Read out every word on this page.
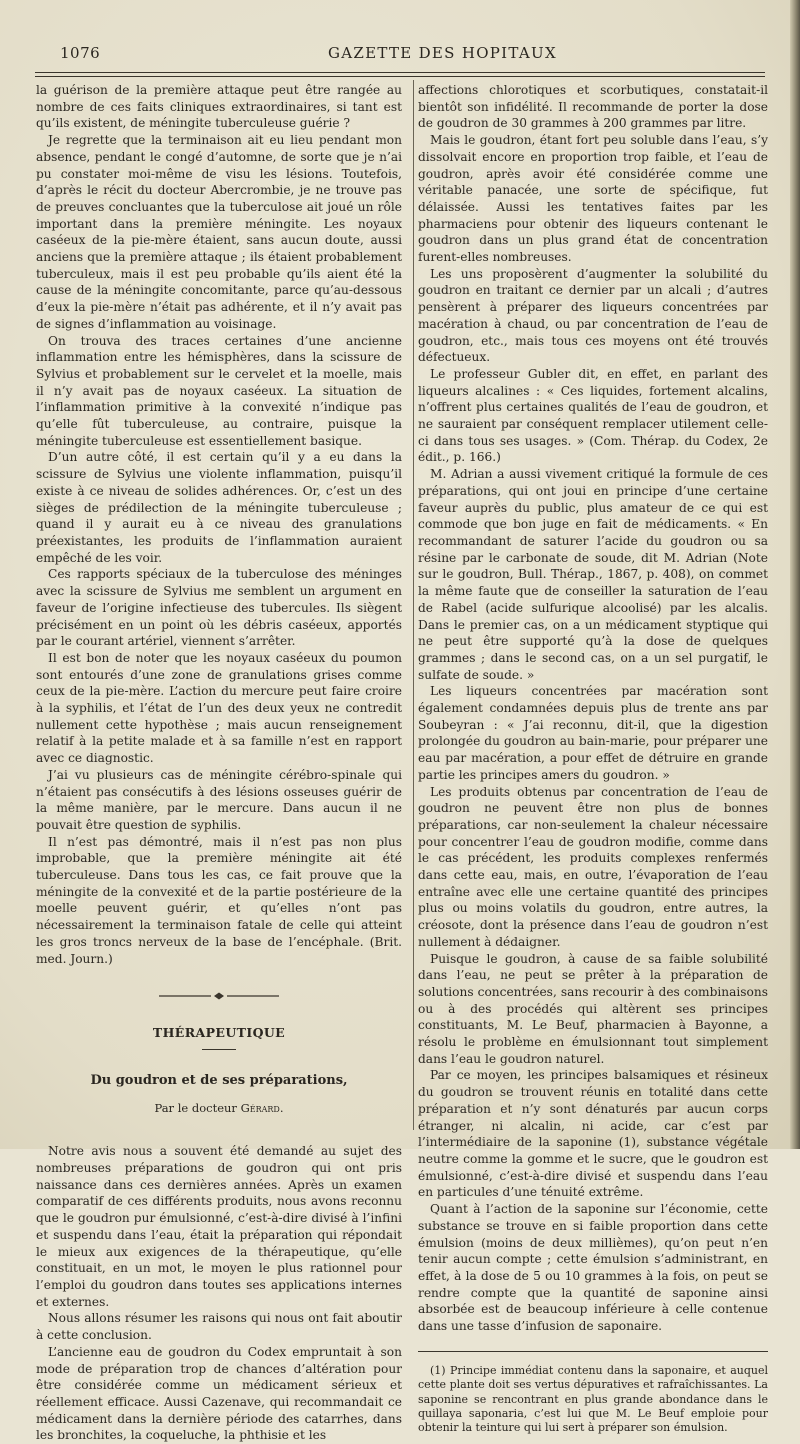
1076	GAZETTE DES HOPITAUX

la guérison de la première attaque peut être rangée au nombre de ces faits cliniques extraordinaires, si tant est qu’ils existent, de méningite tuberculeuse guérie ?

Je regrette que la terminaison ait eu lieu pendant mon absence, pendant le congé d’automne, de sorte que je n’ai pu constater moi-même de visu les lésions. Toutefois, d’après le récit du docteur Abercrombie, je ne trouve pas de preuves concluantes que la tuberculose ait joué un rôle important dans la première méningite. Les noyaux caséeux de la pie-mère étaient, sans aucun doute, aussi anciens que la première attaque ; ils étaient probablement tuberculeux, mais il est peu probable qu’ils aient été la cause de la méningite concomitante, parce qu’au-dessous d’eux la pie-mère n’était pas adhérente, et il n’y avait pas de signes d’inflammation au voisinage.

On trouva des traces certaines d’une ancienne inflammation entre les hémisphères, dans la scissure de Sylvius et probablement sur le cervelet et la moelle, mais il n’y avait pas de noyaux caséeux. La situation de l’inflammation primitive à la convexité n’indique pas qu’elle fût tuberculeuse, au contraire, puisque la méningite tuberculeuse est essentiellement basique.

D’un autre côté, il est certain qu’il y a eu dans la scissure de Sylvius une violente inflammation, puisqu’il existe à ce niveau de solides adhérences. Or, c’est un des sièges de prédilection de la méningite tuberculeuse ; quand il y aurait eu à ce niveau des granulations préexistantes, les produits de l’inflammation auraient empêché de les voir.

Ces rapports spéciaux de la tuberculose des méninges avec la scissure de Sylvius me semblent un argument en faveur de l’origine infectieuse des tubercules. Ils siègent précisément en un point où les débris caséeux, apportés par le courant artériel, viennent s’arrêter.

Il est bon de noter que les noyaux caséeux du poumon sont entourés d’une zone de granulations grises comme ceux de la pie-mère. L’action du mercure peut faire croire à la syphilis, et l’état de l’un des deux yeux ne contredit nullement cette hypothèse ; mais aucun renseignement relatif à la petite malade et à sa famille n’est en rapport avec ce diagnostic.

J’ai vu plusieurs cas de méningite cérébro-spinale qui n’étaient pas consécutifs à des lésions osseuses guérir de la même manière, par le mercure. Dans aucun il ne pouvait être question de syphilis.

Il n’est pas démontré, mais il n’est pas non plus improbable, que la première méningite ait été tuberculeuse. Dans tous les cas, ce fait prouve que la méningite de la convexité et de la partie postérieure de la moelle peuvent guérir, et qu’elles n’ont pas nécessairement la terminaison fatale de celle qui atteint les gros troncs nerveux de la base de l’encéphale. (Brit. med. Journ.)

THÉRAPEUTIQUE

Du goudron et de ses préparations,

Par le docteur Gérard.

Notre avis nous a souvent été demandé au sujet des nombreuses préparations de goudron qui ont pris naissance dans ces dernières années. Après un examen comparatif de ces différents produits, nous avons reconnu que le goudron pur émulsionné, c’est-à-dire divisé à l’infini et suspendu dans l’eau, était la préparation qui répondait le mieux aux exigences de la thérapeutique, qu’elle constituait, en un mot, le moyen le plus rationnel pour l’emploi du goudron dans toutes ses applications internes et externes.

Nous allons résumer les raisons qui nous ont fait aboutir à cette conclusion.

L’ancienne eau de goudron du Codex empruntait à son mode de préparation trop de chances d’altération pour être considérée comme un médicament sérieux et réellement efficace. Aussi Cazenave, qui recommandait ce médicament dans la dernière période des catarrhes, dans les bronchites, la coqueluche, la phthisie et les

affections chlorotiques et scorbutiques, constatait-il bientôt son infidélité. Il recommande de porter la dose de goudron de 30 grammes à 200 grammes par litre.

Mais le goudron, étant fort peu soluble dans l’eau, s’y dissolvait encore en proportion trop faible, et l’eau de goudron, après avoir été considérée comme une véritable panacée, une sorte de spécifique, fut délaissée. Aussi les tentatives faites par les pharmaciens pour obtenir des liqueurs contenant le goudron dans un plus grand état de concentration furent-elles nombreuses.

Les uns proposèrent d’augmenter la solubilité du goudron en traitant ce dernier par un alcali ; d’autres pensèrent à préparer des liqueurs concentrées par macération à chaud, ou par concentration de l’eau de goudron, etc., mais tous ces moyens ont été trouvés défectueux.

Le professeur Gubler dit, en effet, en parlant des liqueurs alcalines : « Ces liquides, fortement alcalins, n’offrent plus certaines qualités de l’eau de goudron, et ne sauraient par conséquent remplacer utilement celle-ci dans tous ses usages. » (Com. Thérap. du Codex, 2e édit., p. 166.)

M. Adrian a aussi vivement critiqué la formule de ces préparations, qui ont joui en principe d’une certaine faveur auprès du public, plus amateur de ce qui est commode que bon juge en fait de médicaments. « En recommandant de saturer l’acide du goudron ou sa résine par le carbonate de soude, dit M. Adrian (Note sur le goudron, Bull. Thérap., 1867, p. 408), on commet la même faute que de conseiller la saturation de l’eau de Rabel (acide sulfurique alcoolisé) par les alcalis. Dans le premier cas, on a un médicament styptique qui ne peut être supporté qu’à la dose de quelques grammes ; dans le second cas, on a un sel purgatif, le sulfate de soude. »

Les liqueurs concentrées par macération sont également condamnées depuis plus de trente ans par Soubeyran : « J’ai reconnu, dit-il, que la digestion prolongée du goudron au bain-marie, pour préparer une eau par macération, a pour effet de détruire en grande partie les principes amers du goudron. »

Les produits obtenus par concentration de l’eau de goudron ne peuvent être non plus de bonnes préparations, car non-seulement la chaleur nécessaire pour concentrer l’eau de goudron modifie, comme dans le cas précédent, les produits complexes renfermés dans cette eau, mais, en outre, l’évaporation de l’eau entraîne avec elle une certaine quantité des principes plus ou moins volatils du goudron, entre autres, la créosote, dont la présence dans l’eau de goudron n’est nullement à dédaigner.

Puisque le goudron, à cause de sa faible solubilité dans l’eau, ne peut se prêter à la préparation de solutions concentrées, sans recourir à des combinaisons ou à des procédés qui altèrent ses principes constituants, M. Le Beuf, pharmacien à Bayonne, a résolu le problème en émulsionnant tout simplement dans l’eau le goudron naturel.

Par ce moyen, les principes balsamiques et résineux du goudron se trouvent réunis en totalité dans cette préparation et n’y sont dénaturés par aucun corps étranger, ni alcalin, ni acide, car c’est par l’intermédiaire de la saponine (1), substance végétale neutre comme la gomme et le sucre, que le goudron est émulsionné, c’est-à-dire divisé et suspendu dans l’eau en particules d’une ténuité extrême.

Quant à l’action de la saponine sur l’économie, cette substance se trouve en si faible proportion dans cette émulsion (moins de deux millièmes), qu’on peut n’en tenir aucun compte ; cette émulsion s’administrant, en effet, à la dose de 5 ou 10 grammes à la fois, on peut se rendre compte que la quantité de saponine ainsi absorbée est de beaucoup inférieure à celle contenue dans une tasse d’infusion de saponaire.

(1) Principe immédiat contenu dans la saponaire, et auquel cette plante doit ses vertus dépuratives et rafraîchissantes. La saponine se rencontrant en plus grande abondance dans le quillaya saponaria, c’est lui que M. Le Beuf emploie pour obtenir la teinture qui lui sert à préparer son émulsion.
